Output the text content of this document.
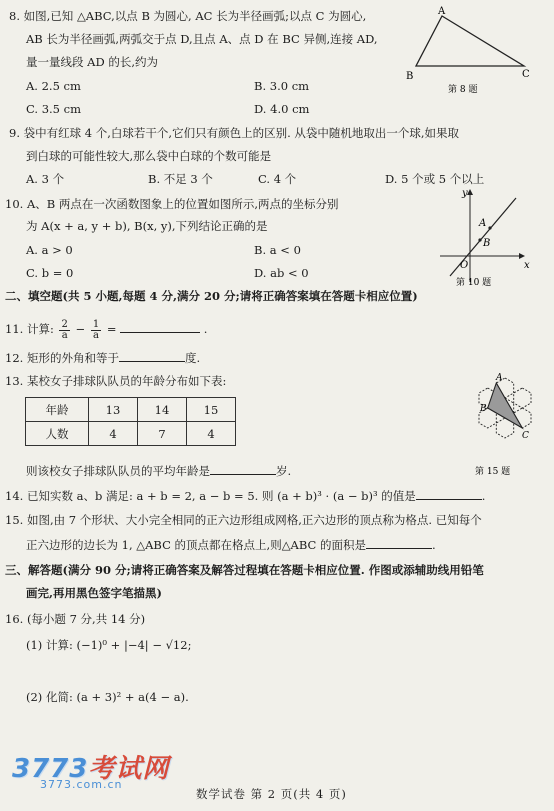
8. 如图,已知 △ABC,以点 B 为圆心, AC 长为半径画弧;以点 C 为圆心,
AB 长为半径画弧,两弧交于点 D,且点 A、点 D 在 BC 异侧,连接 AD,
量一量线段 AD 的长,约为
A. 2.5 cm	B. 3.0 cm
C. 3.5 cm	D. 4.0 cm
A
B	C
第 8 题
9. 袋中有红球 4 个,白球若干个,它们只有颜色上的区别. 从袋中随机地取出一个球,如果取
到白球的可能性较大,那么袋中白球的个数可能是
A. 3 个	B. 不足 3 个	C. 4 个	D. 5 个或 5 个以上
10. A、B 两点在一次函数图象上的位置如图所示,两点的坐标分别
为 A(x + a, y + b), B(x, y),下列结论正确的是
A. a > 0	B. a < 0
C. b = 0	D. ab < 0
y
A
B
O	x
第 10 题
二、填空题(共 5 小题,每题 4 分,满分 20 分;请将正确答案填在答题卡相应位置)
11. 计算: $\frac{2}{a} - \frac{1}{a}$ =	.
12. 矩形的外角和等于	度.
13. 某校女子排球队队员的年龄分布如下表:
年龄	13	14	15
人数	4	7	4
则该校女子排球队队员的平均年龄是	岁.
A
B
C
第 15 题
14. 已知实数 a、b 满足: a + b = 2, a − b = 5. 则 (a + b)³ · (a − b)³ 的值是	.
15. 如图,由 7 个形状、大小完全相同的正六边形组成网格,正六边形的顶点称为格点. 已知每个
正六边形的边长为 1, △ABC 的顶点都在格点上,则△ABC 的面积是	.
三、解答题(满分 90 分;请将正确答案及解答过程填在答题卡相应位置. 作图或添辅助线用铅笔
画完,再用黑色签字笔描黑)
16. (每小题 7 分,共 14 分)
(1) 计算: (−1)⁰ + |−4| − √12;
(2) 化简: (a + 3)² + a(4 − a).
3773考试网
3773.com.cn
数学试卷 第 2 页(共 4 页)
